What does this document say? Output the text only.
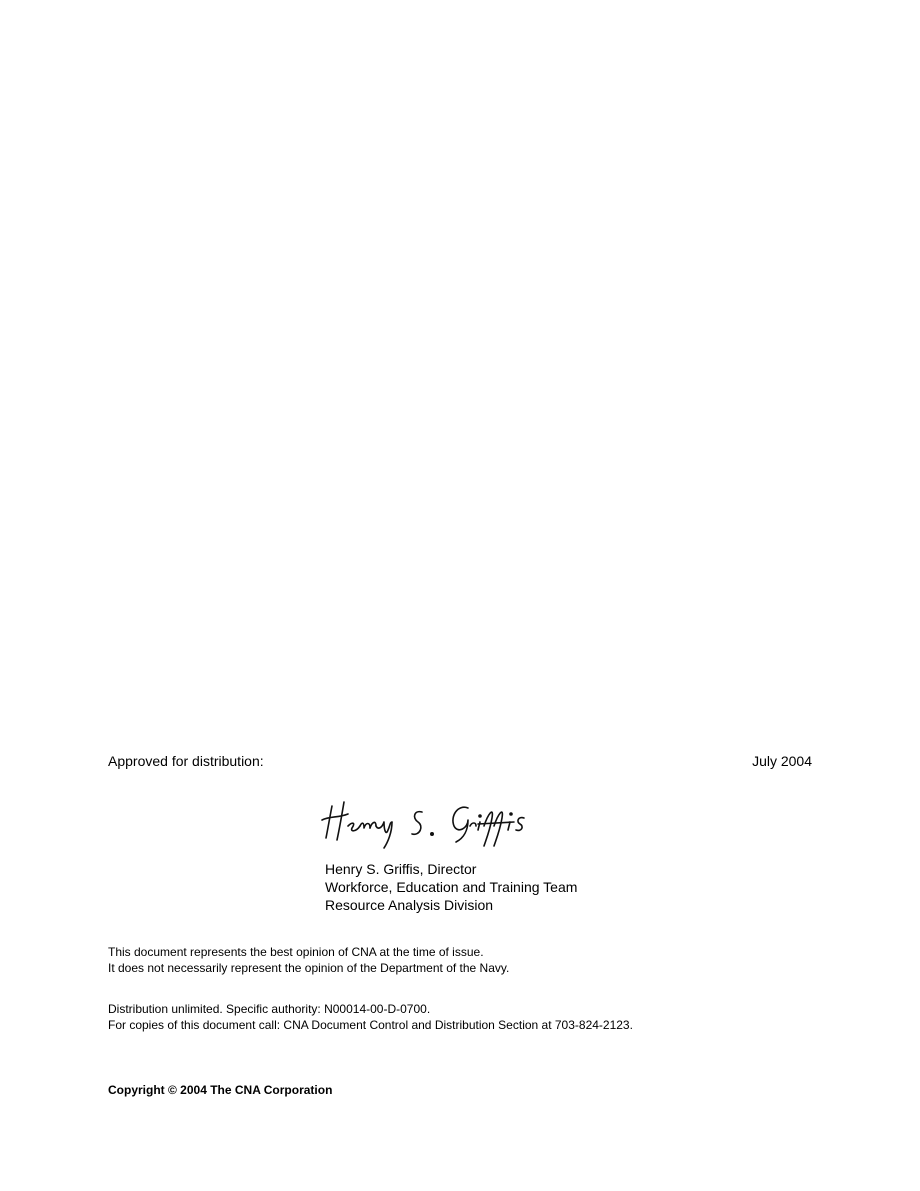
Approved for distribution:	July 2004
Henry S. Griffis, Director
Workforce, Education and Training Team
Resource Analysis Division
This document represents the best opinion of CNA at the time of issue.
It does not necessarily represent the opinion of the Department of the Navy.
Distribution unlimited. Specific authority: N00014-00-D-0700.
For copies of this document call: CNA Document Control and Distribution Section at 703-824-2123.
Copyright © 2004 The CNA Corporation
